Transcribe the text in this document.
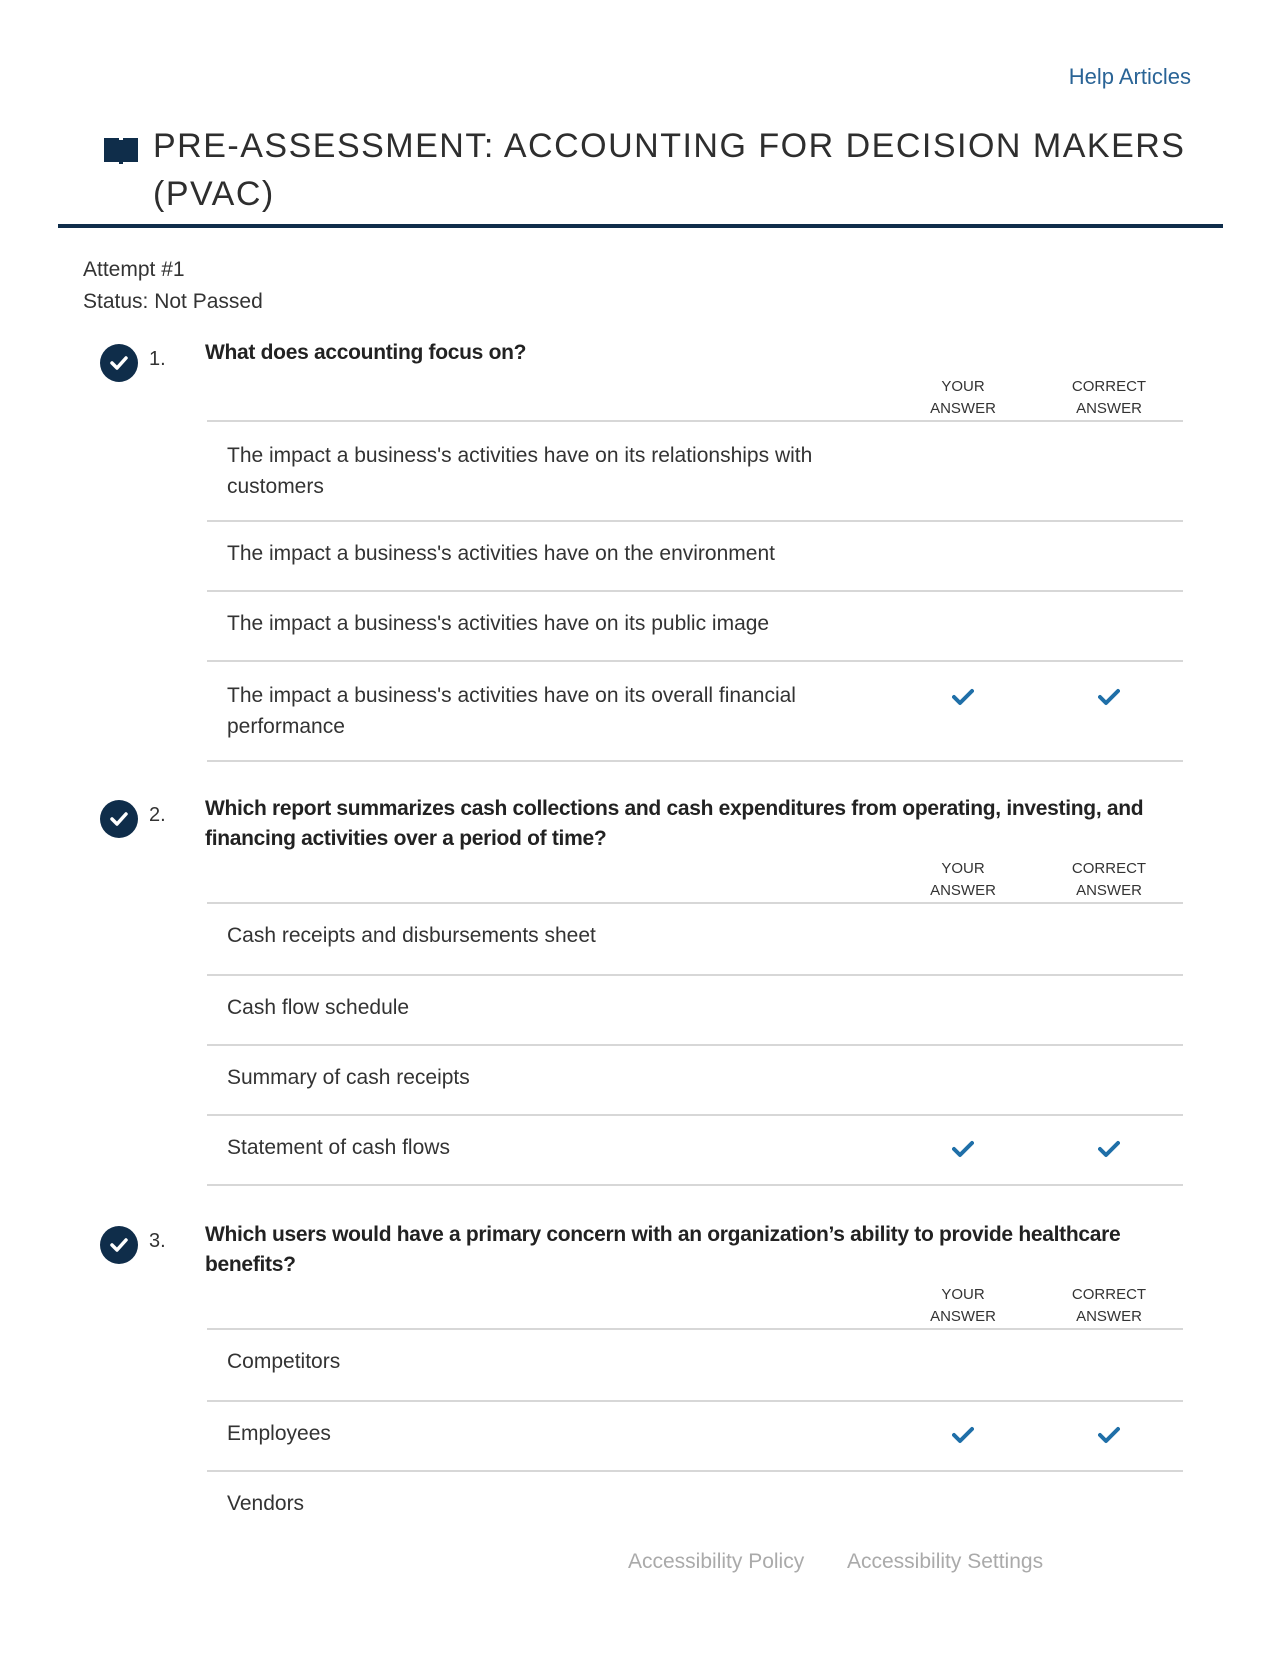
Help Articles
PRE-ASSESSMENT: ACCOUNTING FOR DECISION MAKERS (PVAC)
Attempt #1
Status: Not Passed
1. What does accounting focus on?
YOUR ANSWER
CORRECT ANSWER
The impact a business's activities have on its relationships with customers
The impact a business's activities have on the environment
The impact a business's activities have on its public image
The impact a business's activities have on its overall financial performance
2. Which report summarizes cash collections and cash expenditures from operating, investing, and financing activities over a period of time?
YOUR ANSWER
CORRECT ANSWER
Cash receipts and disbursements sheet
Cash flow schedule
Summary of cash receipts
Statement of cash flows
3. Which users would have a primary concern with an organization’s ability to provide healthcare benefits?
YOUR ANSWER
CORRECT ANSWER
Competitors
Employees
Vendors
Accessibility Policy Accessibility Settings
